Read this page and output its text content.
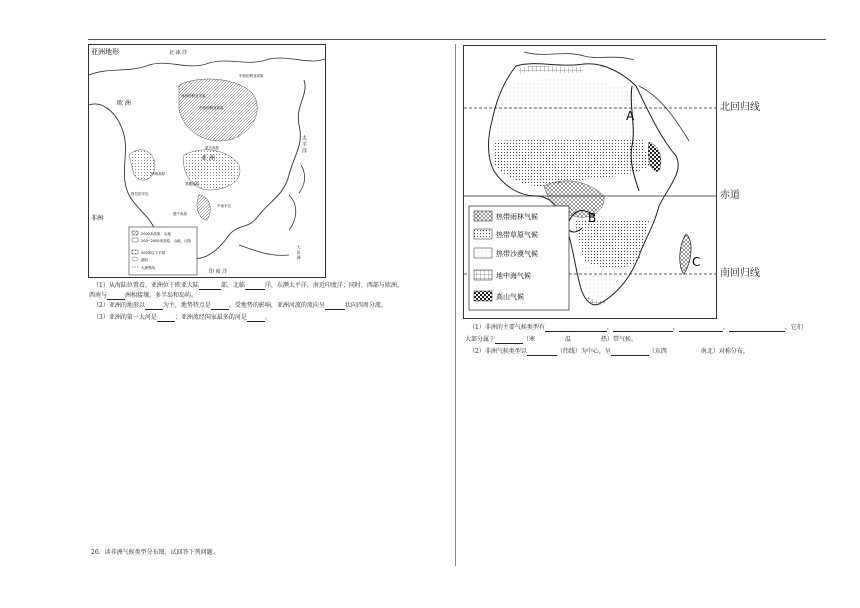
亚洲地形	北 冰 洋
欧 洲
亚 洲
非洲
太 平 洋
印 度 洋
大 洋 洲
中西伯利亚高原
西西伯利亚平原
中西伯利亚高原
蒙古高原
伊朗高原
阿拉伯半岛
青藏高原
德干高原
中南半岛
2000米高原、山地
200~2000米高原、山地、丘陵
200米以下平原
湖泊
大洲界线
（1）从海陆位置看，亚洲位于欧亚大陆	部，北临	洋，东濒太平洋，南近印度洋；同时，西部与欧洲、
西南与	洲相接壤。多半岛和岛屿。
（2）亚洲的地形以	为主，地势特点是	。受地势的影响，亚洲河流的流向呈	状向四周分流。
（3）亚洲的第一大河是	；亚洲流经国家最多的河是	。
26．读非洲气候类型分布图，试回答下列问题。
热带雨林气候
热带草原气候
热带沙漠气候
地中海气候
高山气候
A
B
C
北回归线
赤道
南回归线
（1）非洲的主要气候类型有	，	，	，	，它们
大部分属于	（寒	温	热）带气候。
（2）非洲气候类型以	（纬线）为中心，呈	（东西	南北）对称分布。
